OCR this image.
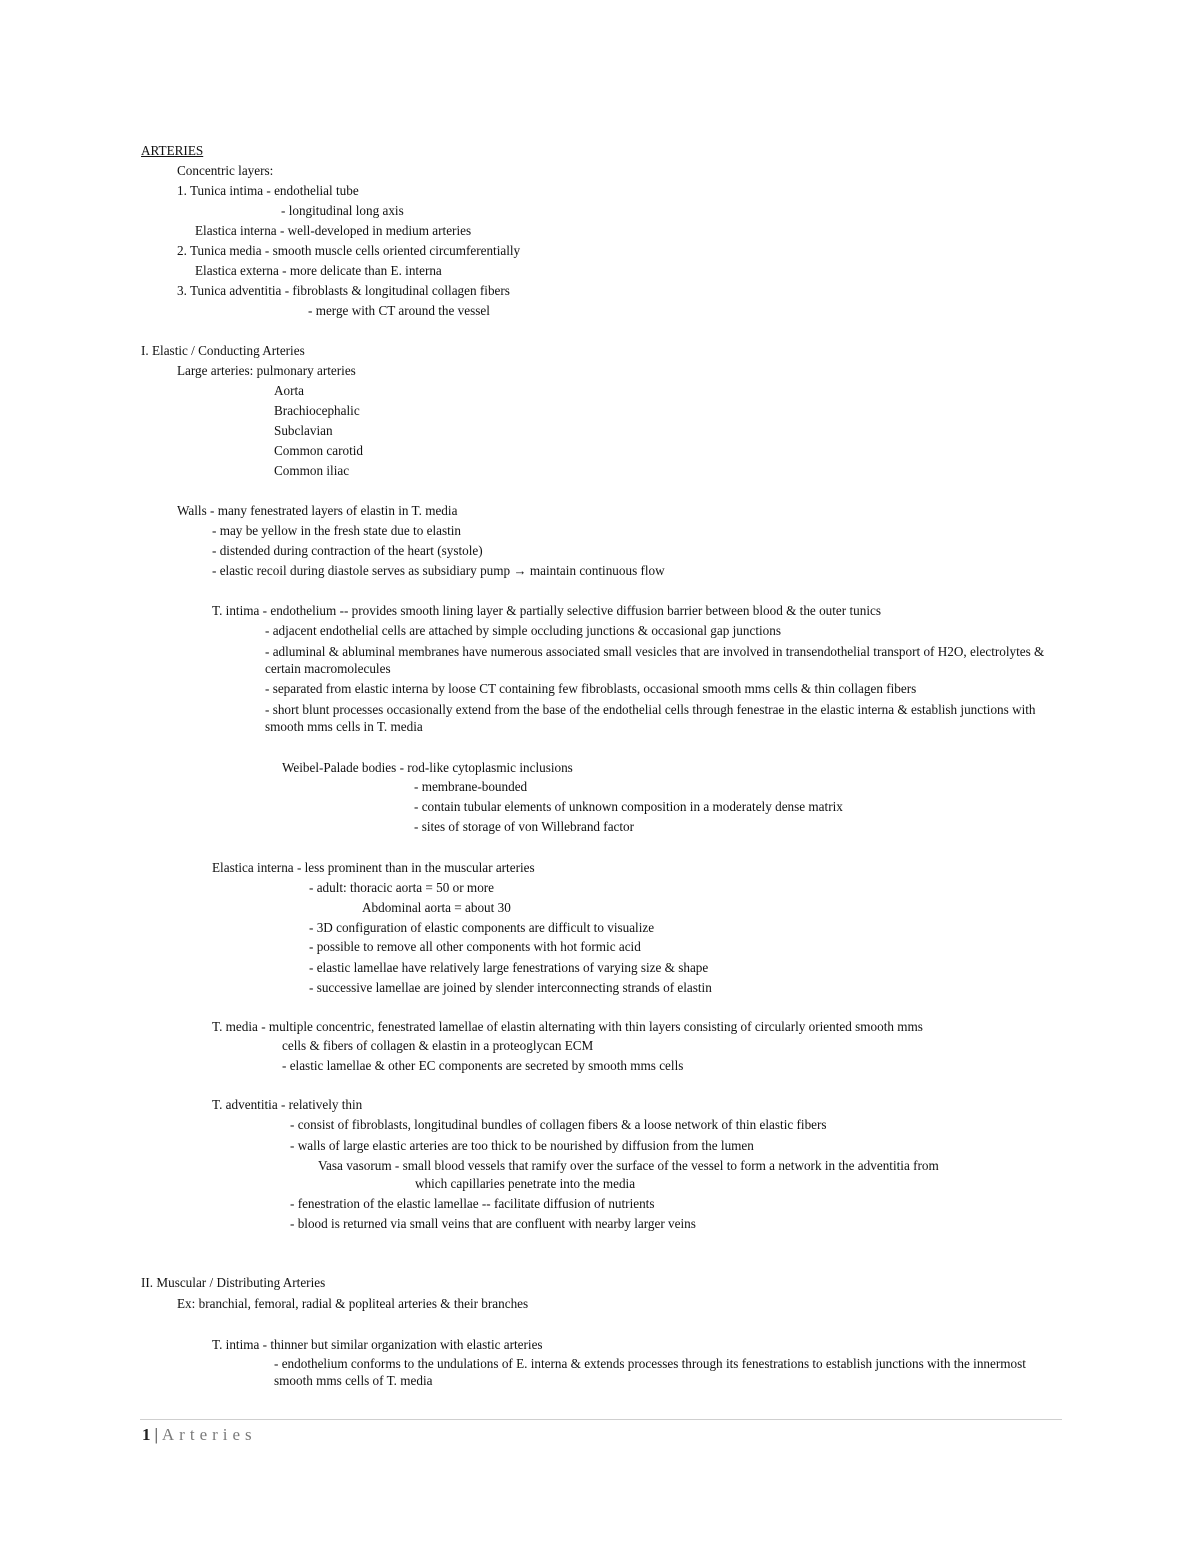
ARTERIES
Concentric layers:
1. Tunica intima - endothelial tube
- longitudinal long axis
Elastica interna - well-developed in medium arteries
2. Tunica media - smooth muscle cells oriented circumferentially
Elastica externa - more delicate than E. interna
3. Tunica adventitia - fibroblasts & longitudinal collagen fibers
- merge with CT around the vessel
I. Elastic / Conducting Arteries
Large arteries: pulmonary arteries
Aorta
Brachiocephalic
Subclavian
Common carotid
Common iliac
Walls - many fenestrated layers of elastin in T. media
- may be yellow in the fresh state due to elastin
- distended during contraction of the heart (systole)
- elastic recoil during diastole serves as subsidiary pump → maintain continuous flow
T. intima - endothelium -- provides smooth lining layer & partially selective diffusion barrier between blood & the outer tunics
- adjacent endothelial cells are attached by simple occluding junctions & occasional gap junctions
- adluminal & abluminal membranes have numerous associated small vesicles that are involved in transendothelial transport of H2O, electrolytes & certain macromolecules
- separated from elastic interna by loose CT containing few fibroblasts, occasional smooth mms cells & thin collagen fibers
- short blunt processes occasionally extend from the base of the endothelial cells through fenestrae in the elastic interna & establish junctions with smooth mms cells in T. media
Weibel-Palade bodies - rod-like cytoplasmic inclusions
- membrane-bounded
- contain tubular elements of unknown composition in a moderately dense matrix
- sites of storage of von Willebrand factor
Elastica interna - less prominent than in the muscular arteries
- adult: thoracic aorta = 50 or more
Abdominal aorta = about 30
- 3D configuration of elastic components are difficult to visualize
- possible to remove all other components with hot formic acid
- elastic lamellae have relatively large fenestrations of varying size & shape
- successive lamellae are joined by slender interconnecting strands of elastin
T. media - multiple concentric, fenestrated lamellae of elastin alternating with thin layers consisting of circularly oriented smooth mms
cells & fibers of collagen & elastin in a proteoglycan ECM
- elastic lamellae & other EC components are secreted by smooth mms cells
T. adventitia - relatively thin
- consist of fibroblasts, longitudinal bundles of collagen fibers & a loose network of thin elastic fibers
- walls of large elastic arteries are too thick to be nourished by diffusion from the lumen
Vasa vasorum - small blood vessels that ramify over the surface of the vessel to form a network in the adventitia from
which capillaries penetrate into the media
- fenestration of the elastic lamellae -- facilitate diffusion of nutrients
- blood is returned via small veins that are confluent with nearby larger veins
II. Muscular / Distributing Arteries
Ex: branchial, femoral, radial & popliteal arteries & their branches
T. intima - thinner but similar organization with elastic arteries
- endothelium conforms to the undulations of E. interna & extends processes through its fenestrations to establish junctions with the innermost smooth mms cells of T. media
1 | Arteries
